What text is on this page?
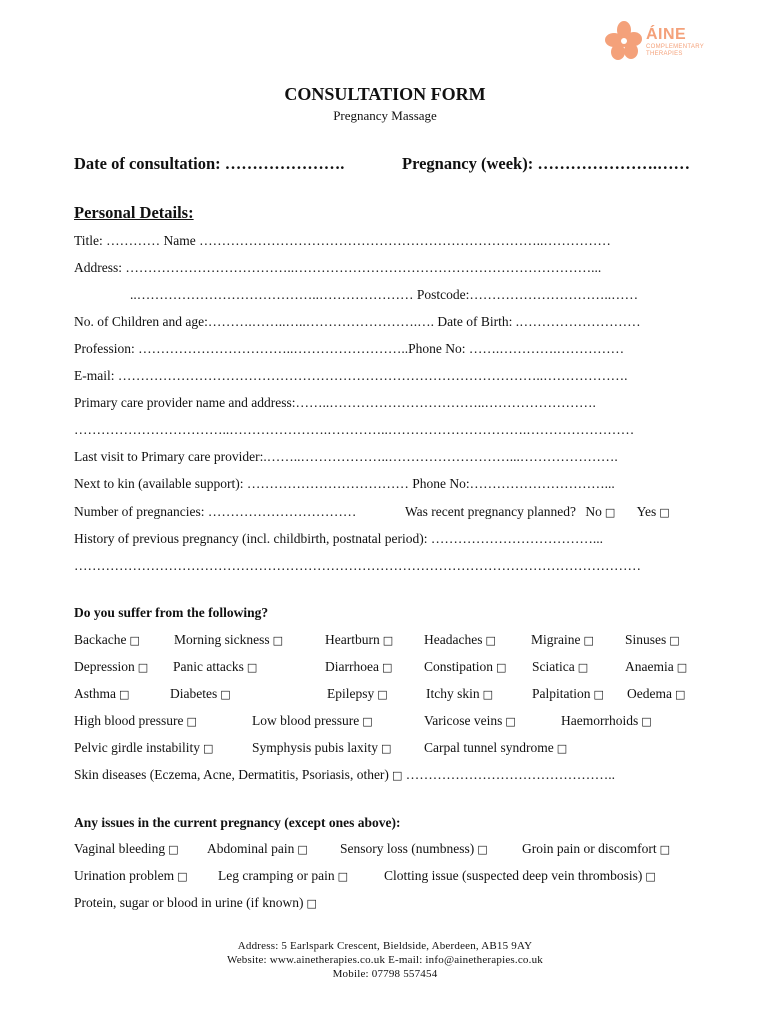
ÁINE
COMPLEMENTARY
THERAPIES
CONSULTATION FORM
Pregnancy Massage
Date of consultation: ………………….	Pregnancy (week): ………………….……
Personal Details:
Title: ………… Name …………………………………………………………………..……………
Address: ………………………………..…………………………………………………………...
..…………………………………..………………… Postcode:…………………………..……
No. of Children and age:……….……..…..…………………….…. Date of Birth: .………………………
Profession: ……………………………..……………………..Phone No: …….………….……………
E-mail: …………………………………………………………………………………..……………….
Primary care provider name and address:……..……………………………..…………………….
……………………………..………………….…………..………………………….……………………
Last visit to Primary care provider:.……..………………..………………………...………………….
Next to kin (available support): ……………………………… Phone No:…………………………...
Number of pregnancies: ……………………………	Was recent pregnancy planned? No □ Yes □
History of previous pregnancy (incl. childbirth, postnatal period): ………………………………...
………………………………………………………………………………………………………………
Do you suffer from the following?
Backache □	Morning sickness □	Heartburn □ Headaches □	Migraine □ Sinuses □
Depression □ Panic attacks □	Diarrhoea □ Constipation □ Sciatica □	Anaemia □
Asthma □	Diabetes □	Epilepsy □	Itchy skin □	Palpitation □ Oedema □
High blood pressure □	Low blood pressure □	Varicose veins □	Haemorrhoids □
Pelvic girdle instability □	Symphysis pubis laxity □ Carpal tunnel syndrome □
Skin diseases (Eczema, Acne, Dermatitis, Psoriasis, other) □ ………………………………………..
Any issues in the current pregnancy (except ones above):
Vaginal bleeding □ Abdominal pain □ Sensory loss (numbness) □	Groin pain or discomfort □
Urination problem □ Leg cramping or pain □	Clotting issue (suspected deep vein thrombosis) □
Protein, sugar or blood in urine (if known) □
Address: 5 Earlspark Crescent, Bieldside, Aberdeen, AB15 9AY
Website: www.ainetherapies.co.uk E-mail: info@ainetherapies.co.uk
Mobile: 07798 557454
